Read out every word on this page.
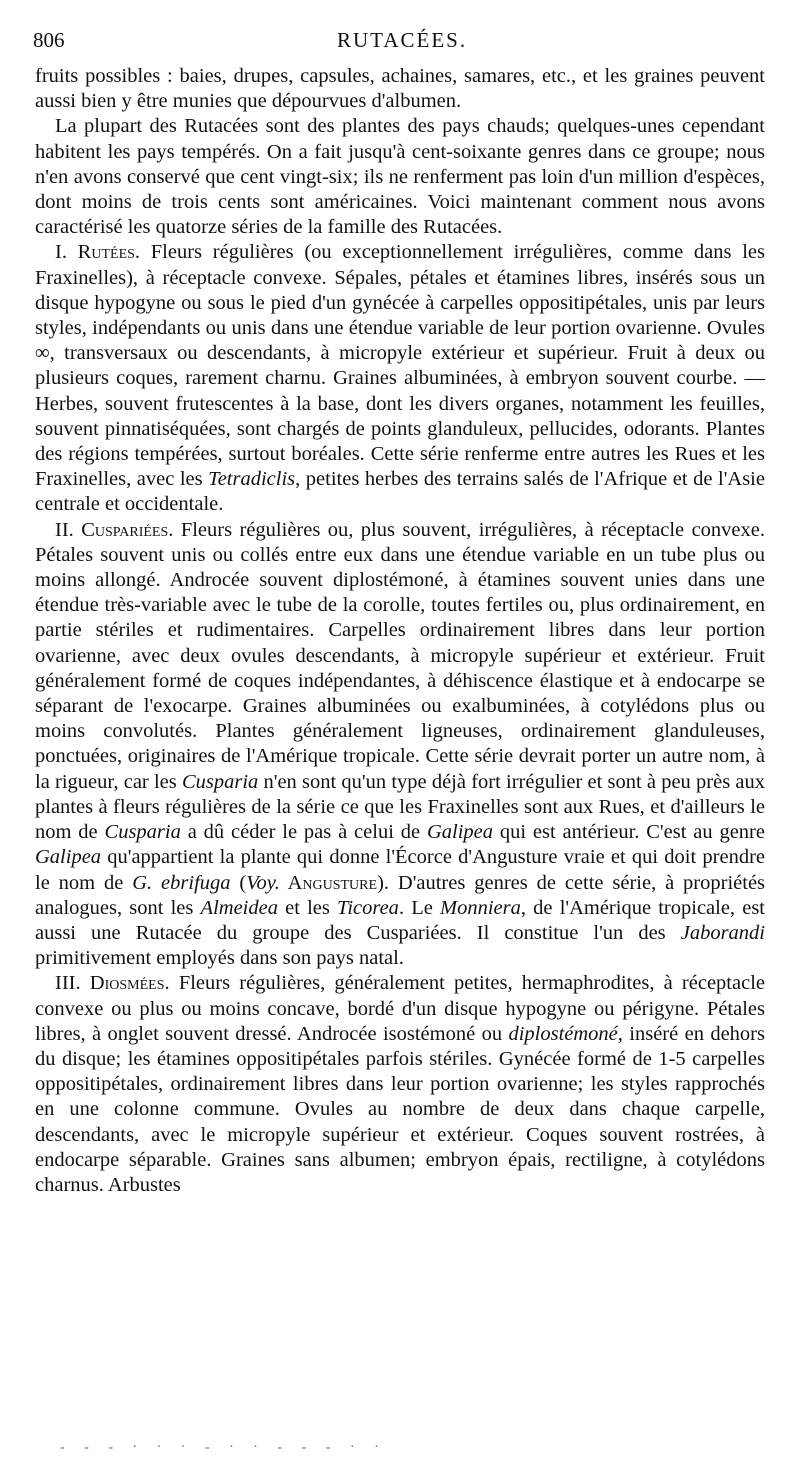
806	RUTACÉES.

fruits possibles : baies, drupes, capsules, achaines, samares, etc., et les graines peuvent aussi bien y être munies que dépourvues d'albumen.

La plupart des Rutacées sont des plantes des pays chauds; quelques-unes cependant habitent les pays tempérés. On a fait jusqu'à cent-soixante genres dans ce groupe; nous n'en avons conservé que cent vingt-six; ils ne renferment pas loin d'un million d'espèces, dont moins de trois cents sont américaines. Voici maintenant comment nous avons caractérisé les quatorze séries de la famille des Rutacées.

I. Rutées. Fleurs régulières (ou exceptionnellement irrégulières, comme dans les Fraxinelles), à réceptacle convexe. Sépales, pétales et étamines libres, insérés sous un disque hypogyne ou sous le pied d'un gynécée à carpelles oppositipétales, unis par leurs styles, indépendants ou unis dans une étendue variable de leur portion ovarienne. Ovules ∞, transversaux ou descendants, à micropyle extérieur et supérieur. Fruit à deux ou plusieurs coques, rarement charnu. Graines albuminées, à embryon souvent courbe. — Herbes, souvent frutescentes à la base, dont les divers organes, notamment les feuilles, souvent pinnatiséquées, sont chargés de points glanduleux, pellucides, odorants. Plantes des régions tempérées, surtout boréales. Cette série renferme entre autres les Rues et les Fraxinelles, avec les Tetradiclis, petites herbes des terrains salés de l'Afrique et de l'Asie centrale et occidentale.

II. Cuspariées. Fleurs régulières ou, plus souvent, irrégulières, à réceptacle convexe. Pétales souvent unis ou collés entre eux dans une étendue variable en un tube plus ou moins allongé. Androcée souvent diplostémoné, à étamines souvent unies dans une étendue très-variable avec le tube de la corolle, toutes fertiles ou, plus ordinairement, en partie stériles et rudimentaires. Carpelles ordinairement libres dans leur portion ovarienne, avec deux ovules descendants, à micropyle supérieur et extérieur. Fruit généralement formé de coques indépendantes, à déhiscence élastique et à endocarpe se séparant de l'exocarpe. Graines albuminées ou exalbuminées, à cotylédons plus ou moins convolutés. Plantes généralement ligneuses, ordinairement glanduleuses, ponctuées, originaires de l'Amérique tropicale. Cette série devrait porter un autre nom, à la rigueur, car les Cusparia n'en sont qu'un type déjà fort irrégulier et sont à peu près aux plantes à fleurs régulières de la série ce que les Fraxinelles sont aux Rues, et d'ailleurs le nom de Cusparia a dû céder le pas à celui de Galipea qui est antérieur. C'est au genre Galipea qu'appartient la plante qui donne l'Écorce d'Angusture vraie et qui doit prendre le nom de G. ebrifuga (Voy. Angusture). D'autres genres de cette série, à propriétés analogues, sont les Almeidea et les Ticorea. Le Monniera, de l'Amérique tropicale, est aussi une Rutacée du groupe des Cuspariées. Il constitue l'un des Jaborandi primitivement employés dans son pays natal.

III. Diosmées. Fleurs régulières, généralement petites, hermaphrodites, à réceptacle convexe ou plus ou moins concave, bordé d'un disque hypogyne ou périgyne. Pétales libres, à onglet souvent dressé. Androcée isostémoné ou diplostémoné, inséré en dehors du disque; les étamines oppositipétales parfois stériles. Gynécée formé de 1-5 carpelles oppositipétales, ordinairement libres dans leur portion ovarienne; les styles rapprochés en une colonne commune. Ovules au nombre de deux dans chaque carpelle, descendants, avec le micropyle supérieur et extérieur. Coques souvent rostrées, à endocarpe séparable. Graines sans albumen; embryon épais, rectiligne, à cotylédons charnus. Arbustes

- - - · · · - · · - - - · ·
